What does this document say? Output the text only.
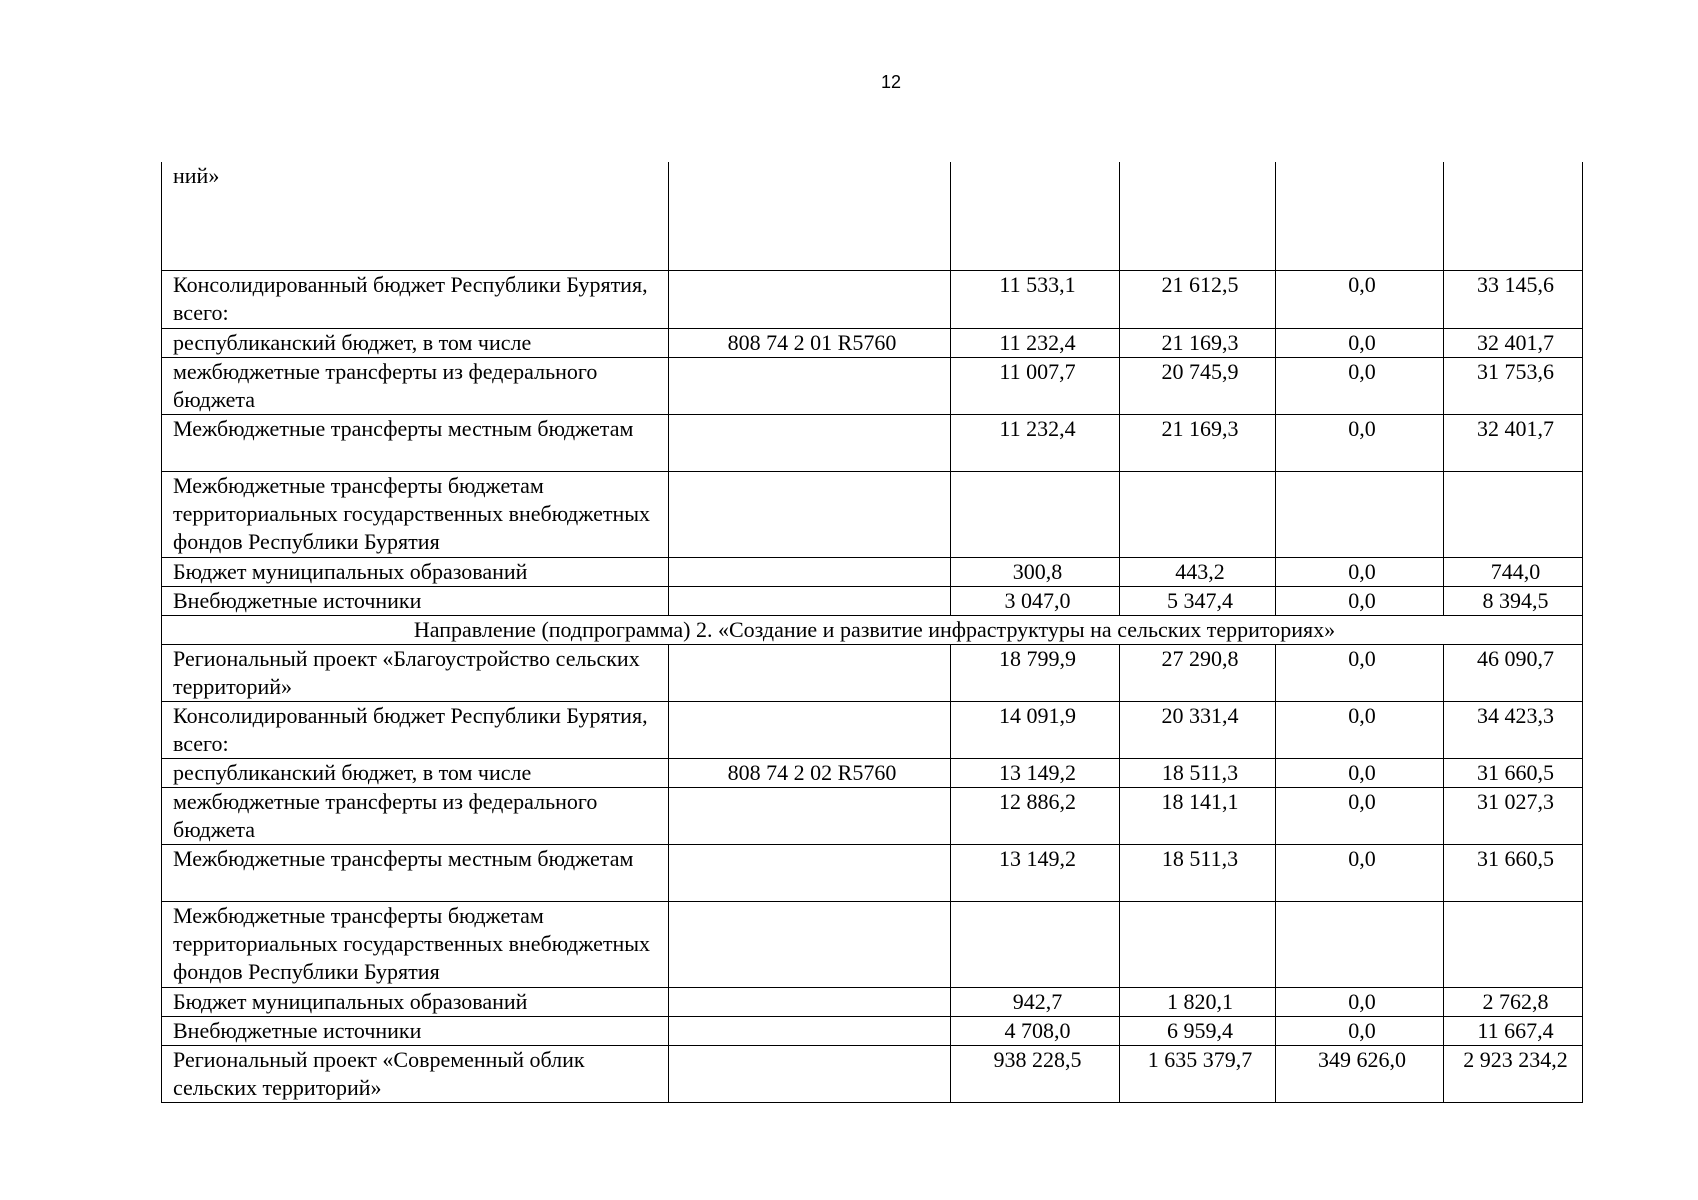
12
ний»					
Консолидированный бюджет Республики Бурятия, всего:		11 533,1	21 612,5	0,0	33 145,6
республиканский бюджет, в том числе	808 74 2 01 R5760	11 232,4	21 169,3	0,0	32 401,7
межбюджетные трансферты из федерального бюджета		11 007,7	20 745,9	0,0	31 753,6
Межбюджетные трансферты местным бюджетам		11 232,4	21 169,3	0,0	32 401,7
Межбюджетные трансферты бюджетам территориальных государственных внебюджетных фондов Республики Бурятия					
Бюджет муниципальных образований		300,8	443,2	0,0	744,0
Внебюджетные источники		3 047,0	5 347,4	0,0	8 394,5
Направление (подпрограмма) 2. «Создание и развитие инфраструктуры на сельских территориях»					
Региональный проект «Благоустройство сельских территорий»		18 799,9	27 290,8	0,0	46 090,7
Консолидированный бюджет Республики Бурятия, всего:		14 091,9	20 331,4	0,0	34 423,3
республиканский бюджет, в том числе	808 74 2 02 R5760	13 149,2	18 511,3	0,0	31 660,5
межбюджетные трансферты из федерального бюджета		12 886,2	18 141,1	0,0	31 027,3
Межбюджетные трансферты местным бюджетам		13 149,2	18 511,3	0,0	31 660,5
Межбюджетные трансферты бюджетам территориальных государственных внебюджетных фондов Республики Бурятия					
Бюджет муниципальных образований		942,7	1 820,1	0,0	2 762,8
Внебюджетные источники		4 708,0	6 959,4	0,0	11 667,4
Региональный проект «Современный облик сельских территорий»		938 228,5	1 635 379,7	349 626,0	2 923 234,2
